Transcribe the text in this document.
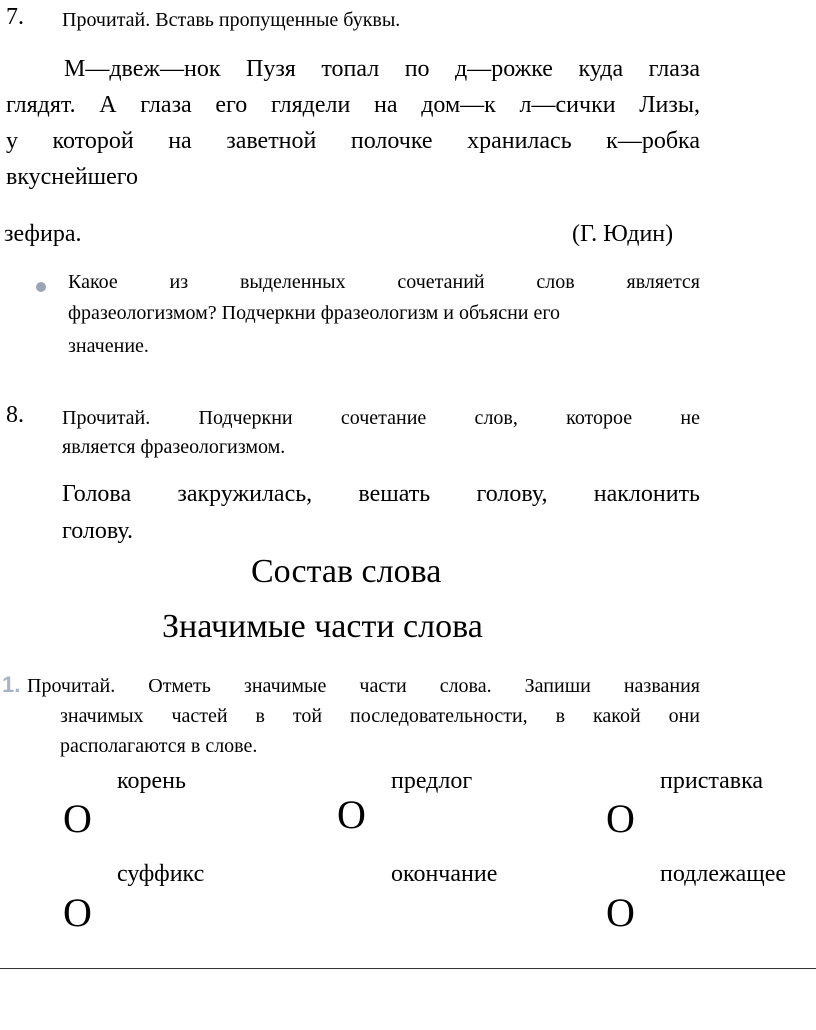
7. Прочитай. Вставь пропущенные буквы.
М—двеж—нок Пузя топал по д—рожке куда глаза
глядят. А глаза его глядели на дом—к л—сички Лизы,
у которой на заветной полочке хранилась к—робка
вкуснейшего
зефира.	(Г. Юдин)
Какое из выделенных сочетаний слов является
фразеологизмом? Подчеркни фразеологизм и объясни его
значение.
8. Прочитай. Подчеркни сочетание слов, которое не
является фразеологизмом.
Голова закружилась, вешать голову, наклонить
голову.
Состав слова
Значимые части слова
1. Прочитай. Отметь значимые части слова. Запиши названия
значимых частей в той последовательности, в какой они
располагаются в слове.
корень
О
предлог
О
приставка
О
суффикс
О
окончание	подлежащее
О
